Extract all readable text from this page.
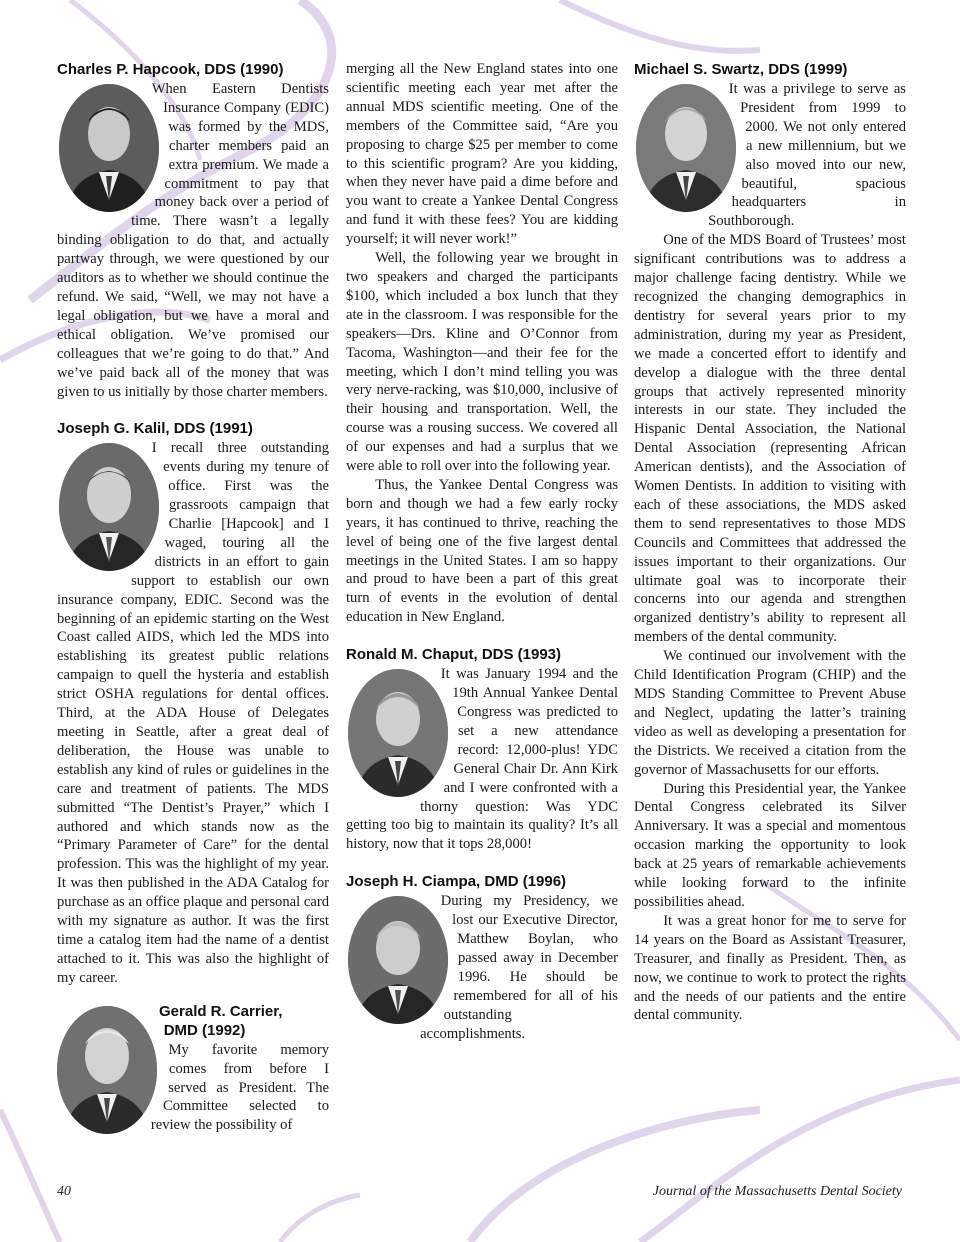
Charles P. Hapcook, DDS (1990)

When Eastern Dentists Insurance Company (EDIC) was formed by the MDS, charter members paid an extra premium. We made a commitment to pay that money back over a period of time. There wasn’t a legally binding obligation to do that, and actually partway through, we were questioned by our auditors as to whether we should continue the refund. We said, “Well, we may not have a legal obligation, but we have a moral and ethical obligation. We’ve promised our colleagues that we’re going to do that.” And we’ve paid back all of the money that was given to us initially by those charter members.

Joseph G. Kalil, DDS (1991)

I recall three outstanding events during my tenure of office. First was the grassroots campaign that Charlie [Hapcook] and I waged, touring all the districts in an effort to gain support to establish our own insurance company, EDIC. Second was the beginning of an epidemic starting on the West Coast called AIDS, which led the MDS into establishing its greatest public relations campaign to quell the hysteria and establish strict OSHA regulations for dental offices. Third, at the ADA House of Delegates meeting in Seattle, after a great deal of deliberation, the House was unable to establish any kind of rules or guidelines in the care and treatment of patients. The MDS submitted “The Dentist’s Prayer,” which I authored and which stands now as the “Primary Parameter of Care” for the dental profession. This was the highlight of my year. It was then published in the ADA Catalog for purchase as an office plaque and personal card with my signature as author. It was the first time a catalog item had the name of a dentist attached to it. This was also the highlight of my career.

Gerald R. Carrier,
DMD (1992)

My favorite memory comes from before I served as President. The Committee selected to review the possibility of

merging all the New England states into one scientific meeting each year met after the annual MDS scientific meeting. One of the members of the Committee said, “Are you proposing to charge $25 per member to come to this scientific program? Are you kidding, when they never have paid a dime before and you want to create a Yankee Dental Congress and fund it with these fees? You are kidding yourself; it will never work!”

Well, the following year we brought in two speakers and charged the participants $100, which included a box lunch that they ate in the classroom. I was responsible for the speakers—Drs. Kline and O’Connor from Tacoma, Washington—and their fee for the meeting, which I don’t mind telling you was very nerve-racking, was $10,000, inclusive of their housing and transportation. Well, the course was a rousing success. We covered all of our expenses and had a surplus that we were able to roll over into the following year.

Thus, the Yankee Dental Congress was born and though we had a few early rocky years, it has continued to thrive, reaching the level of being one of the five largest dental meetings in the United States. I am so happy and proud to have been a part of this great turn of events in the evolution of dental education in New England.

Ronald M. Chaput, DDS (1993)

It was January 1994 and the 19th Annual Yankee Dental Congress was predicted to set a new attendance record: 12,000-plus! YDC General Chair Dr. Ann Kirk and I were confronted with a thorny question: Was YDC getting too big to maintain its quality? It’s all history, now that it tops 28,000!

Joseph H. Ciampa, DMD (1996)

During my Presidency, we lost our Executive Director, Matthew Boylan, who passed away in December 1996. He should be remembered for all of his outstanding accomplishments.

Michael S. Swartz, DDS (1999)

It was a privilege to serve as President from 1999 to 2000. We not only entered a new millennium, but we also moved into our new, beautiful, spacious headquarters in Southborough.

One of the MDS Board of Trustees’ most significant contributions was to address a major challenge facing dentistry. While we recognized the changing demographics in dentistry for several years prior to my administration, during my year as President, we made a concerted effort to identify and develop a dialogue with the three dental groups that actively represented minority interests in our state. They included the Hispanic Dental Association, the National Dental Association (representing African American dentists), and the Association of Women Dentists. In addition to visiting with each of these associations, the MDS asked them to send representatives to those MDS Councils and Committees that addressed the issues important to their organizations. Our ultimate goal was to incorporate their concerns into our agenda and strengthen organized dentistry’s ability to represent all members of the dental community.

We continued our involvement with the Child Identification Program (CHIP) and the MDS Standing Committee to Prevent Abuse and Neglect, updating the latter’s training video as well as developing a presentation for the Districts. We received a citation from the governor of Massachusetts for our efforts.

During this Presidential year, the Yankee Dental Congress celebrated its Silver Anniversary. It was a special and momentous occasion marking the opportunity to look back at 25 years of remarkable achievements while looking forward to the infinite possibilities ahead.

It was a great honor for me to serve for 14 years on the Board as Assistant Treasurer, Treasurer, and finally as President. Then, as now, we continue to work to protect the rights and the needs of our patients and the entire dental community.

40	Journal of the Massachusetts Dental Society
